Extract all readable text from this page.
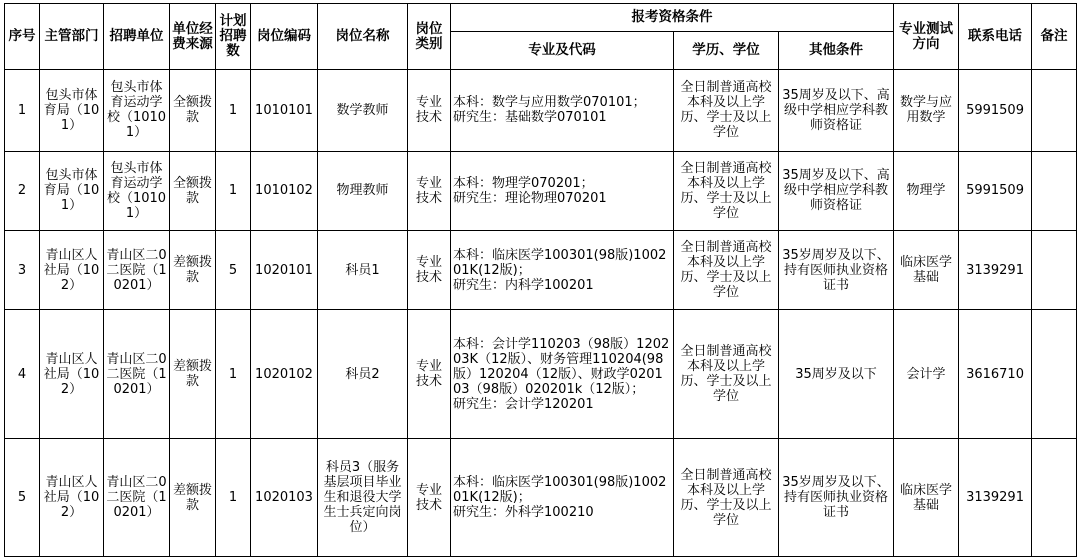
序号	主管部门	招聘单位	单位经费来源	计划招聘数	岗位编码	岗位名称	岗位类别	报考资格条件			专业测试方向	联系电话	备注
								专业及代码	学历、学位	其他条件			
1	包头市体育局（101）	包头市体育运动学校（10101）	全额拨款	1	1010101	数学教师	专业技术	本科：数学与应用数学070101；
研究生：基础数学070101	全日制普通高校本科及以上学历、学士及以上学位	35周岁及以下、高级中学相应学科教师资格证	数学与应用数学	5991509	
2	包头市体育局（101）	包头市体育运动学校（10101）	全额拨款	1	1010102	物理教师	专业技术	本科：物理学070201；
研究生：理论物理070201	全日制普通高校本科及以上学历、学士及以上学位	35周岁及以下、高级中学相应学科教师资格证	物理学	5991509	
3	青山区人社局（102）	青山区二0二医院（10201）	差额拨款	5	1020101	科员1	专业技术	本科：临床医学100301(98版)100201K(12版)；
研究生：内科学100201	全日制普通高校本科及以上学历、学士及以上学位	35岁周岁及以下、持有医师执业资格证书	临床医学基础	3139291	
4	青山区人社局（102）	青山区二0二医院（10201）	差额拨款	1	1020102	科员2	专业技术	本科：会计学110203（98版）120203K（12版）、财务管理110204(98版）120204（12版）、财政学020103（98版）020201k（12版）；
研究生：会计学120201	全日制普通高校本科及以上学历、学士及以上学位	35周岁及以下	会计学	3616710	
5	青山区人社局（102）	青山区二0二医院（10201）	差额拨款	1	1020103	科员3（服务基层项目毕业生和退役大学生士兵定向岗位）	专业技术	本科：临床医学100301(98版)100201K(12版)；
研究生：外科学100210	全日制普通高校本科及以上学历、学士及以上学位	35岁周岁及以下、持有医师执业资格证书	临床医学基础	3139291	
